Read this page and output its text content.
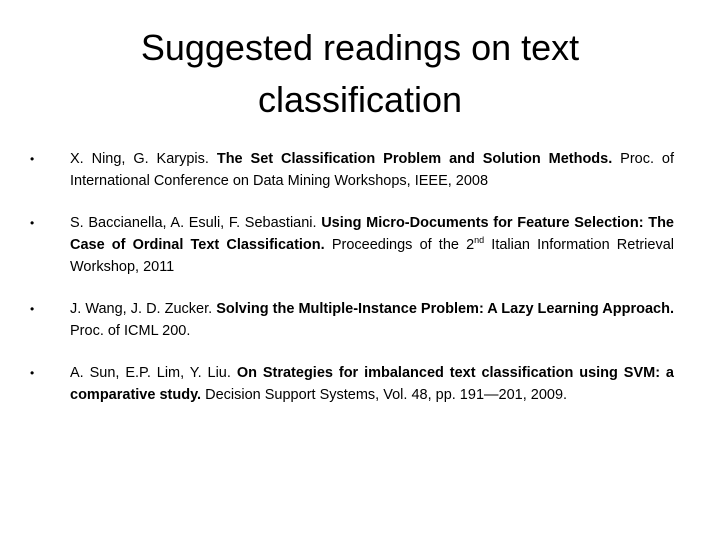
Suggested readings on text classification
•	X. Ning, G. Karypis. The Set Classification Problem and Solution Methods. Proc. of International Conference on Data Mining Workshops, IEEE, 2008
•	S. Baccianella, A. Esuli, F. Sebastiani. Using Micro-Documents for Feature Selection: The Case of Ordinal Text Classification. Proceedings of the 2nd Italian Information Retrieval Workshop, 2011
•	J. Wang, J. D. Zucker. Solving the Multiple-Instance Problem: A Lazy Learning Approach. Proc. of ICML 200.
•	A. Sun, E.P. Lim, Y. Liu. On Strategies for imbalanced text classification using SVM: a comparative study. Decision Support Systems, Vol. 48, pp. 191—201, 2009.
